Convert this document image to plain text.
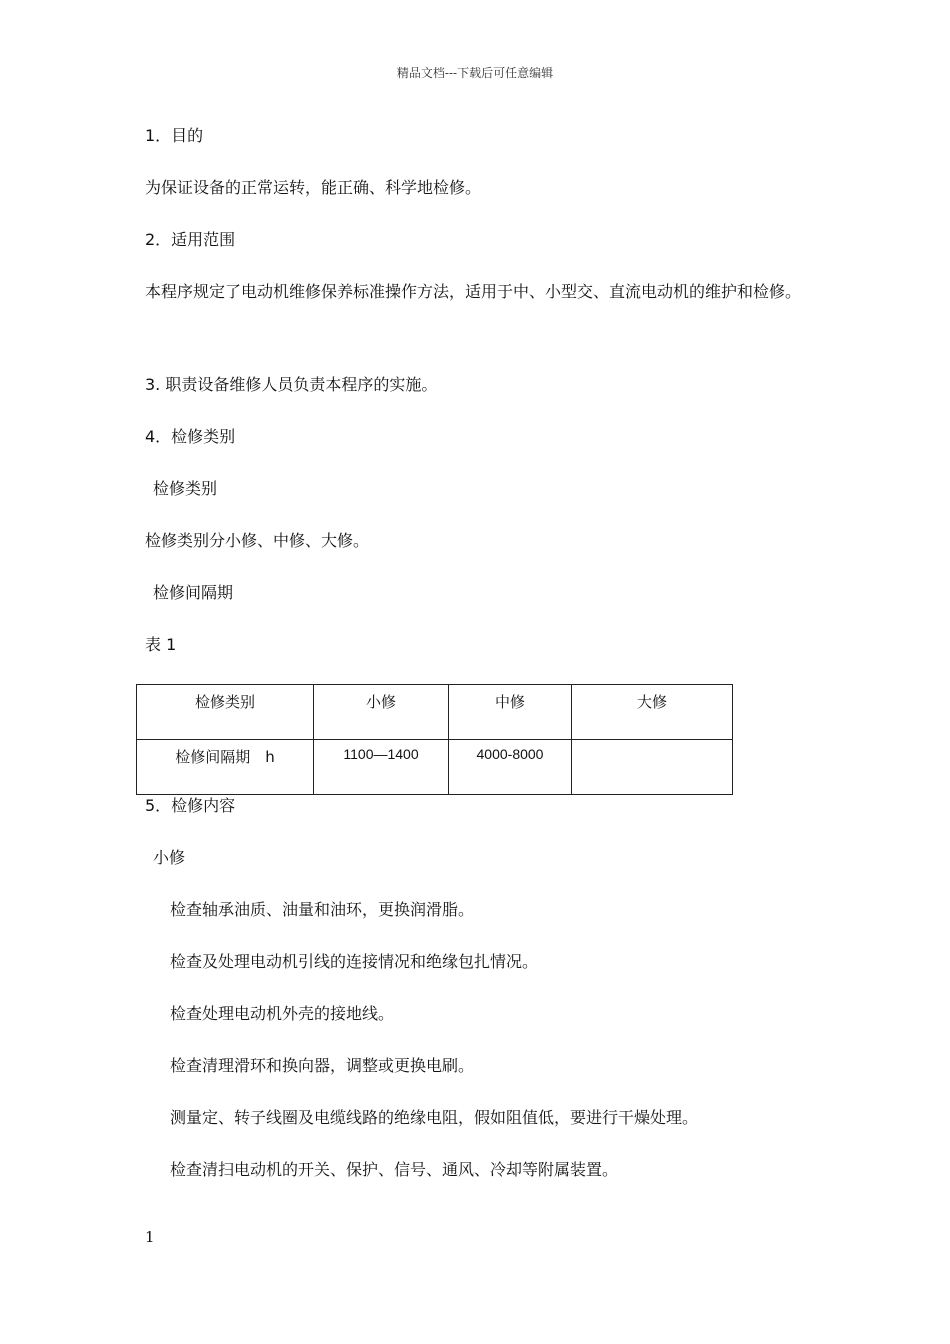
精品文档---下载后可任意编辑
1．目的
为保证设备的正常运转，能正确、科学地检修。
2．适用范围
本程序规定了电动机维修保养标准操作方法，适用于中、小型交、直流电动机的维护和检修。
3. 职责设备维修人员负责本程序的实施。
4．检修类别
检修类别
检修类别分小修、中修、大修。
检修间隔期
表 1
检修类别	小修	中修	大修
检修间隔期　h	1100—1400	4000-8000	
5．检修内容
小修
检查轴承油质、油量和油环，更换润滑脂。
检查及处理电动机引线的连接情况和绝缘包扎情况。
检查处理电动机外壳的接地线。
检查清理滑环和换向器，调整或更换电刷。
测量定、转子线圈及电缆线路的绝缘电阻，假如阻值低，要进行干燥处理。
检查清扫电动机的开关、保护、信号、通风、冷却等附属装置。
1
